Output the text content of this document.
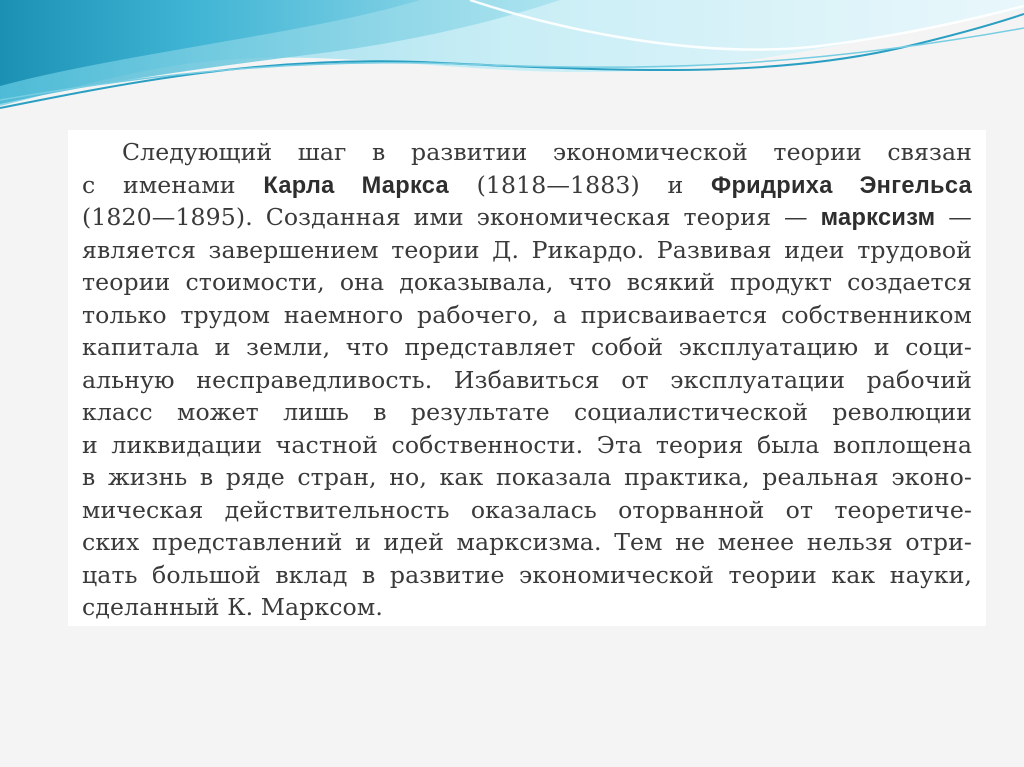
Следующий шаг в развитии экономической теории связан
с именами Карла Маркса (1818—1883) и Фридриха Энгельса
(1820—1895). Созданная ими экономическая теория — марксизм —
является завершением теории Д. Рикардо. Развивая идеи трудовой
теории стоимости, она доказывала, что всякий продукт создается
только трудом наемного рабочего, а присваивается собственником
капитала и земли, что представляет собой эксплуатацию и соци-
альную несправедливость. Избавиться от эксплуатации рабочий
класс может лишь в результате социалистической революции
и ликвидации частной собственности. Эта теория была воплощена
в жизнь в ряде стран, но, как показала практика, реальная эконо-
мическая действительность оказалась оторванной от теоретиче-
ских представлений и идей марксизма. Тем не менее нельзя отри-
цать большой вклад в развитие экономической теории как науки,
сделанный К. Марксом.
